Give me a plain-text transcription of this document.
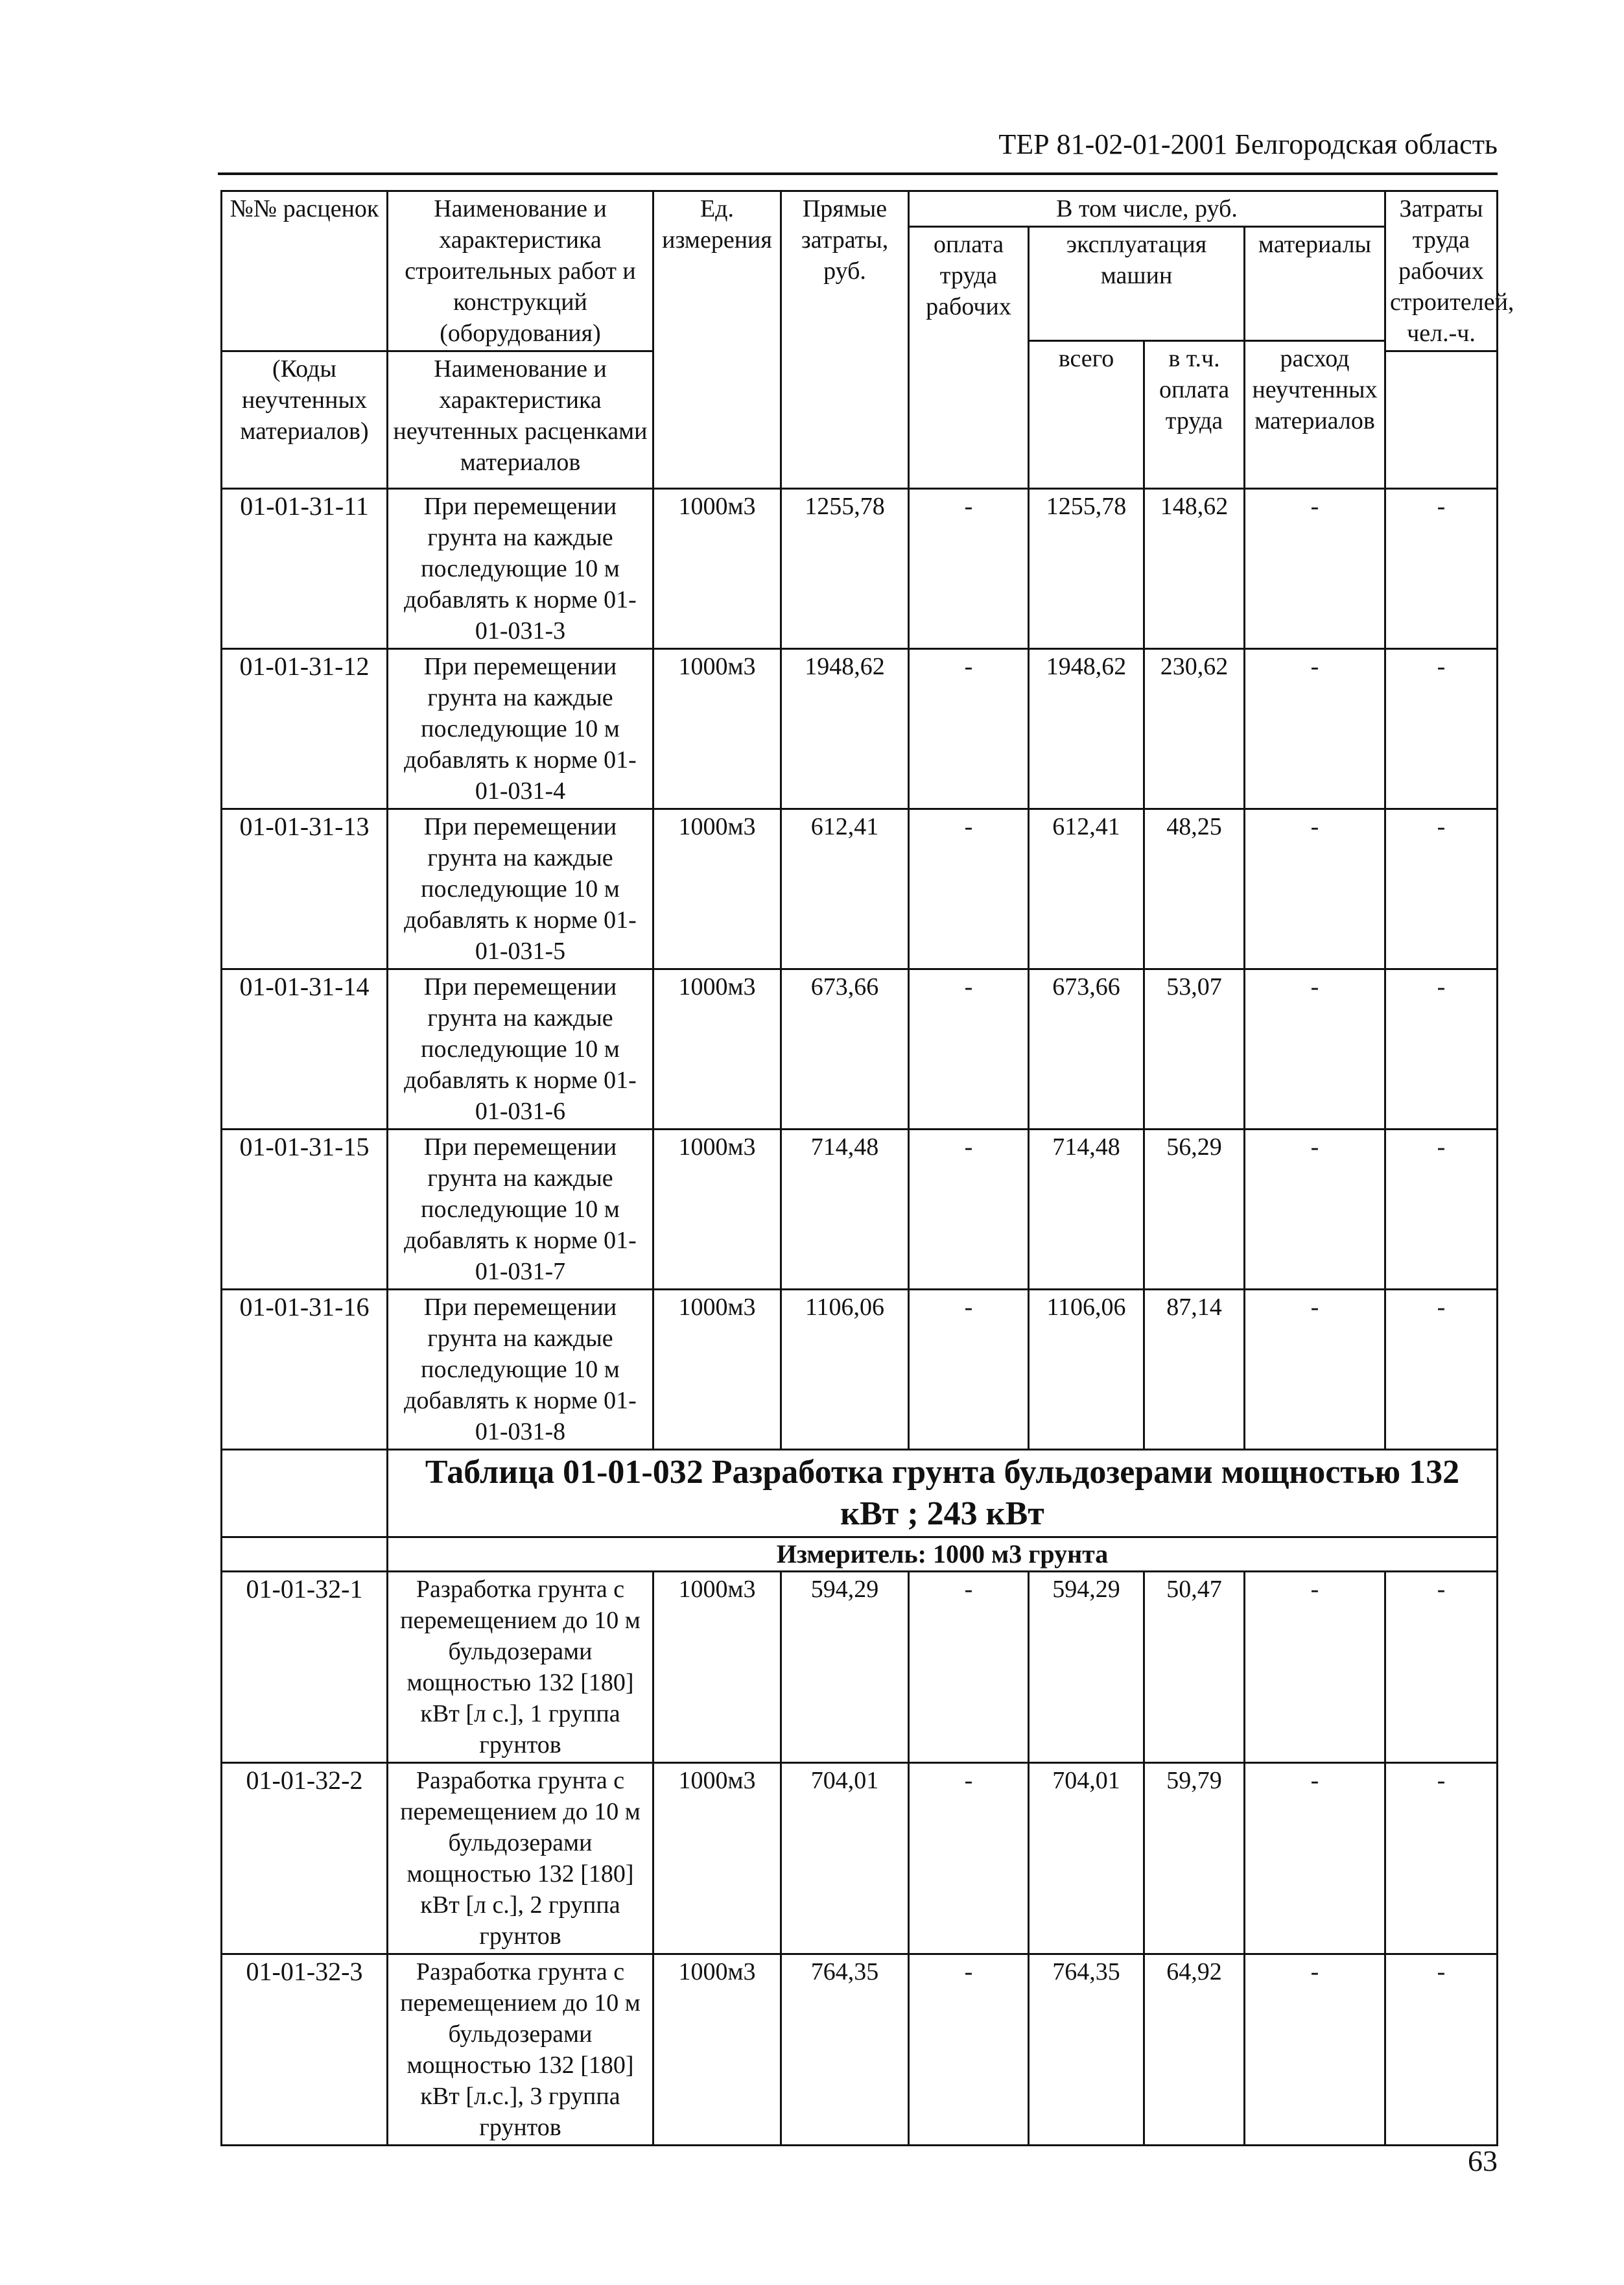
ТЕР 81-02-01-2001 Белгородская область
№№ расценок	Наименование и характеристика строительных работ и конструкций (оборудования)	Ед. измерения	Прямые затраты, руб.	В том числе, руб.				Затраты труда рабочих строителей, чел.-ч.
				оплата труда рабочих	эксплуатация машин		материалы	
					всего	в т.ч. оплата труда	расход неучтенных материалов	
(Коды неучтенных материалов)	Наименование и характеристика неучтенных расценками материалов							
01-01-31-11	При перемещении грунта на каждые последующие 10 м добавлять к норме 01-01-031-3	1000м3	1255,78	-	1255,78	148,62	-	-
01-01-31-12	При перемещении грунта на каждые последующие 10 м добавлять к норме 01-01-031-4	1000м3	1948,62	-	1948,62	230,62	-	-
01-01-31-13	При перемещении грунта на каждые последующие 10 м добавлять к норме 01-01-031-5	1000м3	612,41	-	612,41	48,25	-	-
01-01-31-14	При перемещении грунта на каждые последующие 10 м добавлять к норме 01-01-031-6	1000м3	673,66	-	673,66	53,07	-	-
01-01-31-15	При перемещении грунта на каждые последующие 10 м добавлять к норме 01-01-031-7	1000м3	714,48	-	714,48	56,29	-	-
01-01-31-16	При перемещении грунта на каждые последующие 10 м добавлять к норме 01-01-031-8	1000м3	1106,06	-	1106,06	87,14	-	-
	Таблица 01-01-032 Разработка грунта бульдозерами мощностью 132 кВт ; 243 кВт							
	Измеритель: 1000 м3 грунта							
01-01-32-1	Разработка грунта с перемещением до 10 м бульдозерами мощностью 132 [180] кВт [л с.], 1 группа грунтов	1000м3	594,29	-	594,29	50,47	-	-
01-01-32-2	Разработка грунта с перемещением до 10 м бульдозерами мощностью 132 [180] кВт [л с.], 2 группа грунтов	1000м3	704,01	-	704,01	59,79	-	-
01-01-32-3	Разработка грунта с перемещением до 10 м бульдозерами мощностью 132 [180] кВт [л.с.], 3 группа грунтов	1000м3	764,35	-	764,35	64,92	-	-
63
